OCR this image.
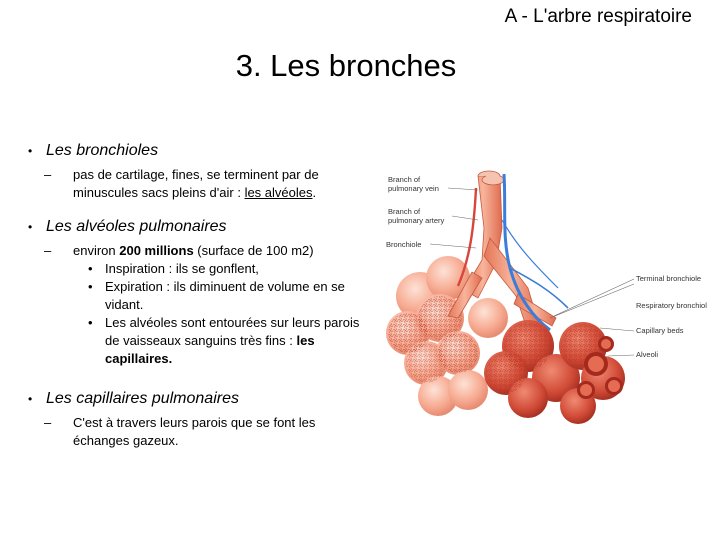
A - L'arbre respiratoire
3. Les bronches
• Les bronchioles
– pas de cartilage, fines, se terminent par de minuscules sacs pleins d'air : les alvéoles.
• Les alvéoles pulmonaires
– environ 200 millions (surface de 100 m2)
• Inspiration : ils se gonflent,
• Expiration : ils diminuent de volume en se vidant.
• Les alvéoles sont entourées sur leurs parois de vaisseaux sanguins très fins : les capillaires.
• Les capillaires pulmonaires
– C'est à travers leurs parois que se font les échanges gazeux.
Branch of pulmonary vein
Branch of pulmonary artery
Bronchiole
Terminal bronchiole
Respiratory bronchiol
Capillary beds
Alveoli
